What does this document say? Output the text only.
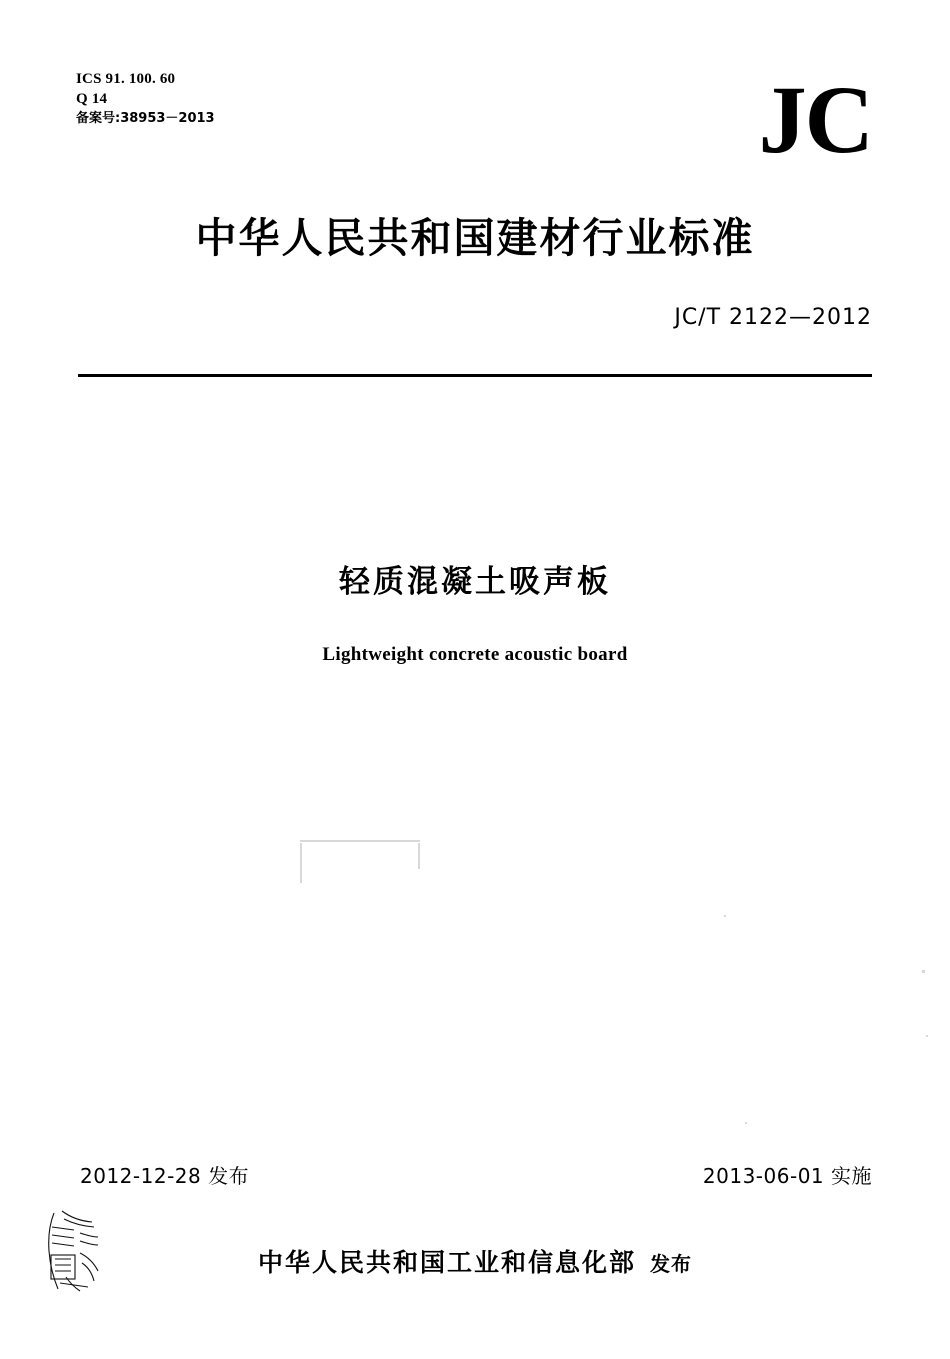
ICS 91. 100. 60
Q 14
备案号:38953－2013	JC
中华人民共和国建材行业标准
JC/T 2122—2012
轻质混凝土吸声板
Lightweight concrete acoustic board
2012-12-28 发布	2013-06-01 实施
中华人民共和国工业和信息化部 发布
